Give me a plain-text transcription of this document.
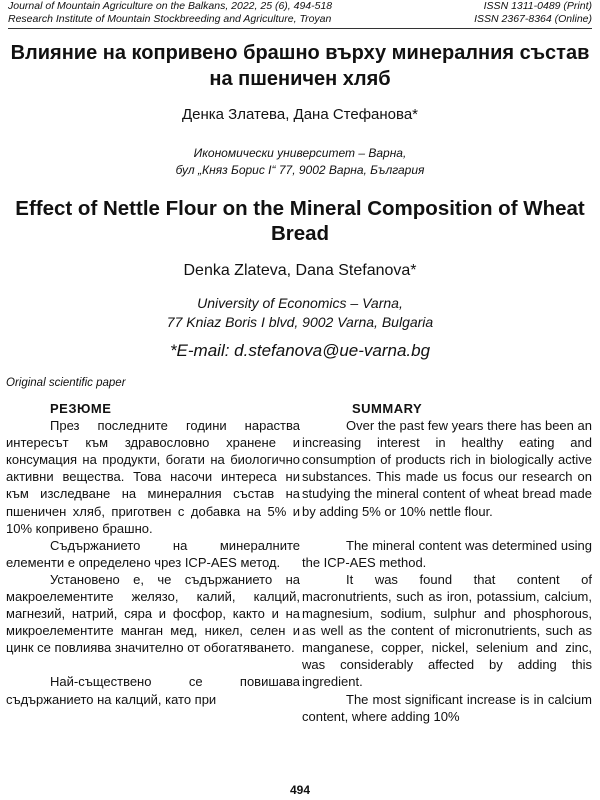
Journal of Mountain Agriculture on the Balkans, 2022, 25 (6), 494-518	ISSN 1311-0489 (Print)
Research Institute of Mountain Stockbreeding and Agriculture, Troyan	ISSN 2367-8364 (Online)
Влияние на копривено брашно върху минералния състав на пшеничен хляб
Денка Златева, Дана Стефанова*
Икономически университет – Варна,
бул „Княз Борис I“ 77, 9002 Варна, България
Effect of Nettle Flour on the Mineral Composition of Wheat Bread
Denka Zlateva, Dana Stefanova*
University of Economics – Varna,
77 Kniaz Boris I blvd, 9002 Varna, Bulgaria
*E-mail: d.stefanova@ue-varna.bg
Original scientific paper
РЕЗЮМЕ

През последните години нараства интересът към здравословно хранене и консумация на продукти, богати на биологично активни вещества. Това насочи интереса ни към изследване на минералния състав на пшеничен хляб, приготвен с добавка на 5% и 10% копривено брашно.

Съдържанието на минералните елементи е определено чрез ICP-AES метод.

Установено е, че съдържанието на макроелементите желязо, калий, калций, магнезий, натрий, сяра и фосфор, както и на микроелементите манган мед, никел, селен и цинк се повлиява значително от обогатяването.

Най-съществено се повишава съдържанието на калций, като при

SUMMARY

Over the past few years there has been an increasing interest in healthy eating and consumption of products rich in biologically active substances. This made us focus our research on studying the mineral content of wheat bread made by adding 5% or 10% nettle flour.

The mineral content was determined using the ICP-AES method.

It was found that content of macronutrients, such as iron, potassium, calcium, magnesium, sodium, sulphur and phosphorous, as well as the content of micronutrients, such as manganese, copper, nickel, selenium and zinc, was considerably affected by adding this ingredient.

The most significant increase is in calcium content, where adding 10%

494
